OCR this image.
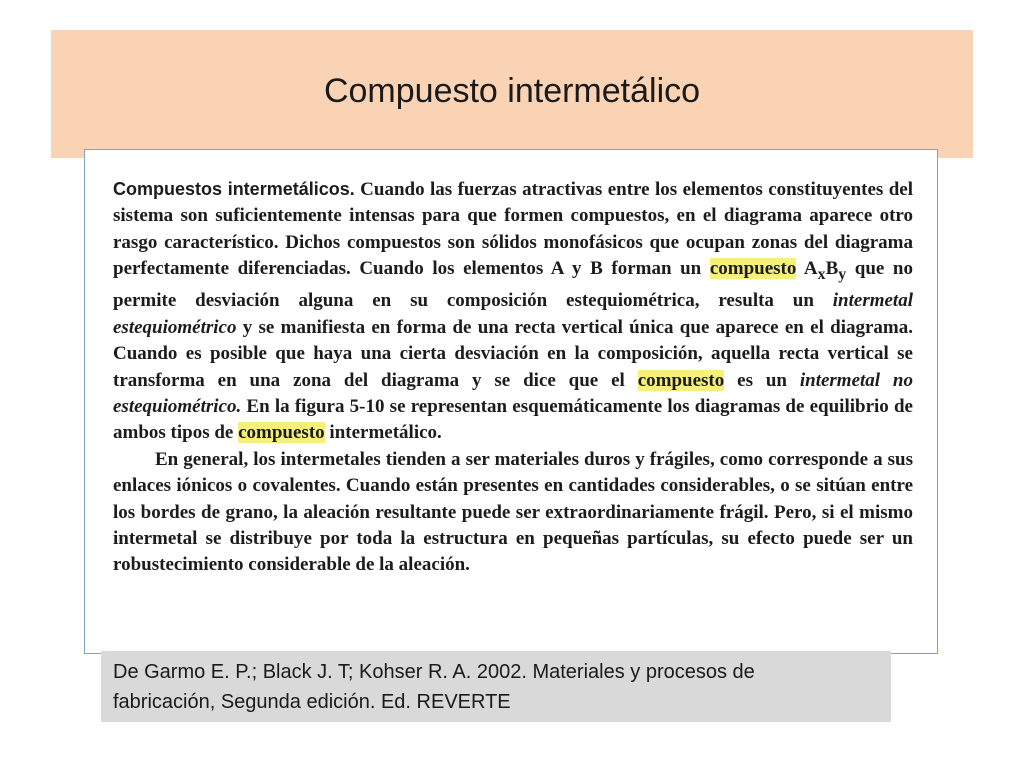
Compuesto intermetálico

Compuestos intermetálicos. Cuando las fuerzas atractivas entre los elementos constituyentes del sistema son suficientemente intensas para que formen compuestos, en el diagrama aparece otro rasgo característico. Dichos compuestos son sólidos monofásicos que ocupan zonas del diagrama perfectamente diferenciadas. Cuando los elementos A y B forman un compuesto $A_xB_y$ que no permite desviación alguna en su composición estequiométrica, resulta un intermetal estequiométrico y se manifiesta en forma de una recta vertical única que aparece en el diagrama. Cuando es posible que haya una cierta desviación en la composición, aquella recta vertical se transforma en una zona del diagrama y se dice que el compuesto es un intermetal no estequiométrico. En la figura 5-10 se representan esquemáticamente los diagramas de equilibrio de ambos tipos de compuesto intermetálico.

En general, los intermetales tienden a ser materiales duros y frágiles, como corresponde a sus enlaces iónicos o covalentes. Cuando están presentes en cantidades considerables, o se sitúan entre los bordes de grano, la aleación resultante puede ser extraordinariamente frágil. Pero, si el mismo intermetal se distribuye por toda la estructura en pequeñas partículas, su efecto puede ser un robustecimiento considerable de la aleación.

De Garmo E. P.; Black J. T; Kohser R. A. 2002. Materiales y procesos de
fabricación, Segunda edición. Ed. REVERTE
